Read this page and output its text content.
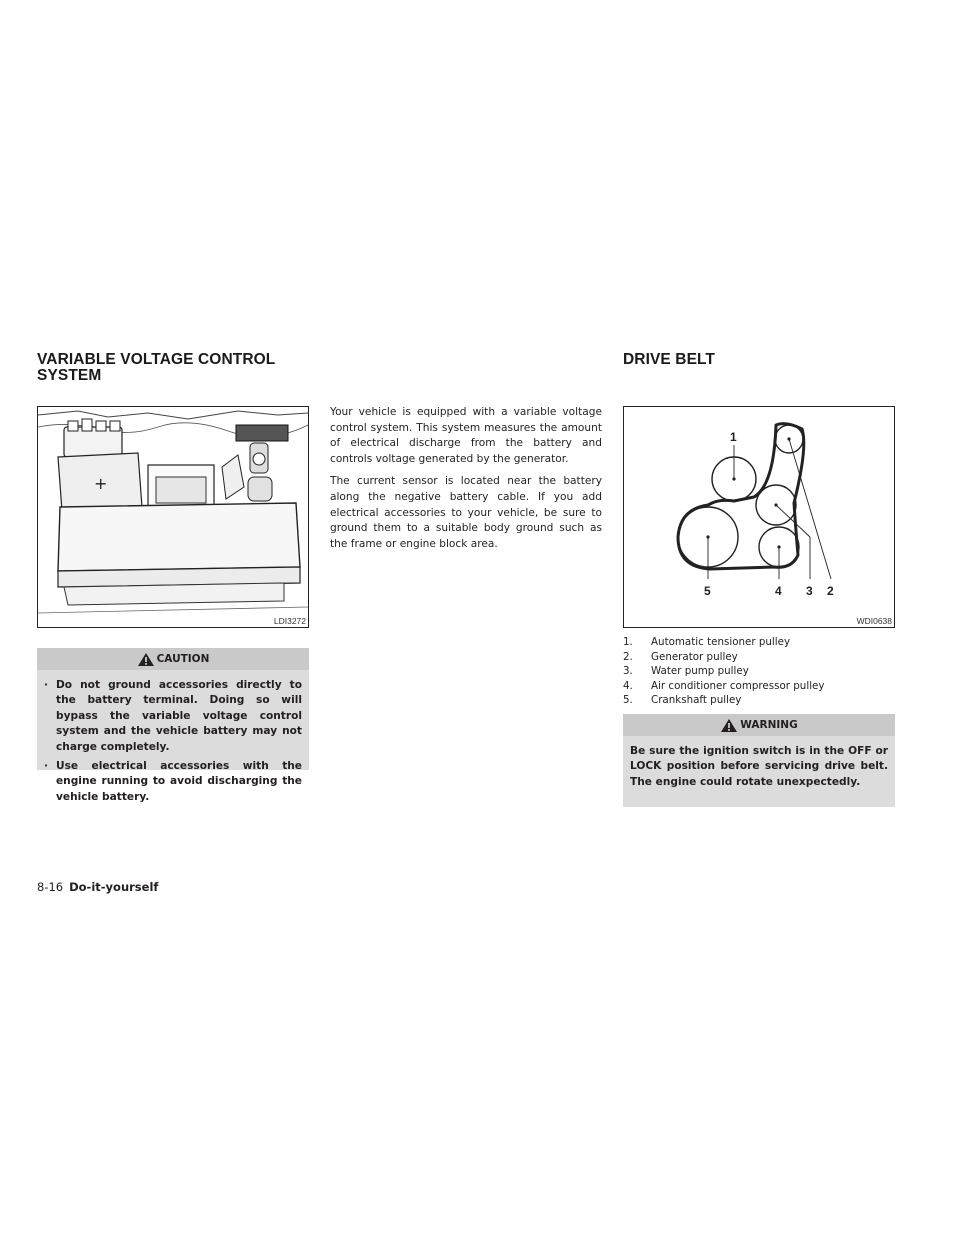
VARIABLE VOLTAGE CONTROL
SYSTEM
+
LDI3272
CAUTION
· Do not ground accessories directly to the battery terminal. Doing so will bypass the variable voltage control system and the vehicle battery may not charge completely.
· Use electrical accessories with the engine running to avoid discharging the vehicle battery.

Your vehicle is equipped with a variable voltage control system. This system measures the amount of electrical discharge from the battery and controls voltage generated by the generator.

The current sensor is located near the battery along the negative battery cable. If you add electrical accessories to your vehicle, be sure to ground them to a suitable body ground such as the frame or engine block area.

DRIVE BELT
1
5	4 3 2
WDI0638
1.	Automatic tensioner pulley
2.	Generator pulley
3.	Water pump pulley
4.	Air conditioner compressor pulley
5.	Crankshaft pulley
WARNING
Be sure the ignition switch is in the OFF or LOCK position before servicing drive belt. The engine could rotate unexpectedly.
8-16 Do-it-yourself
